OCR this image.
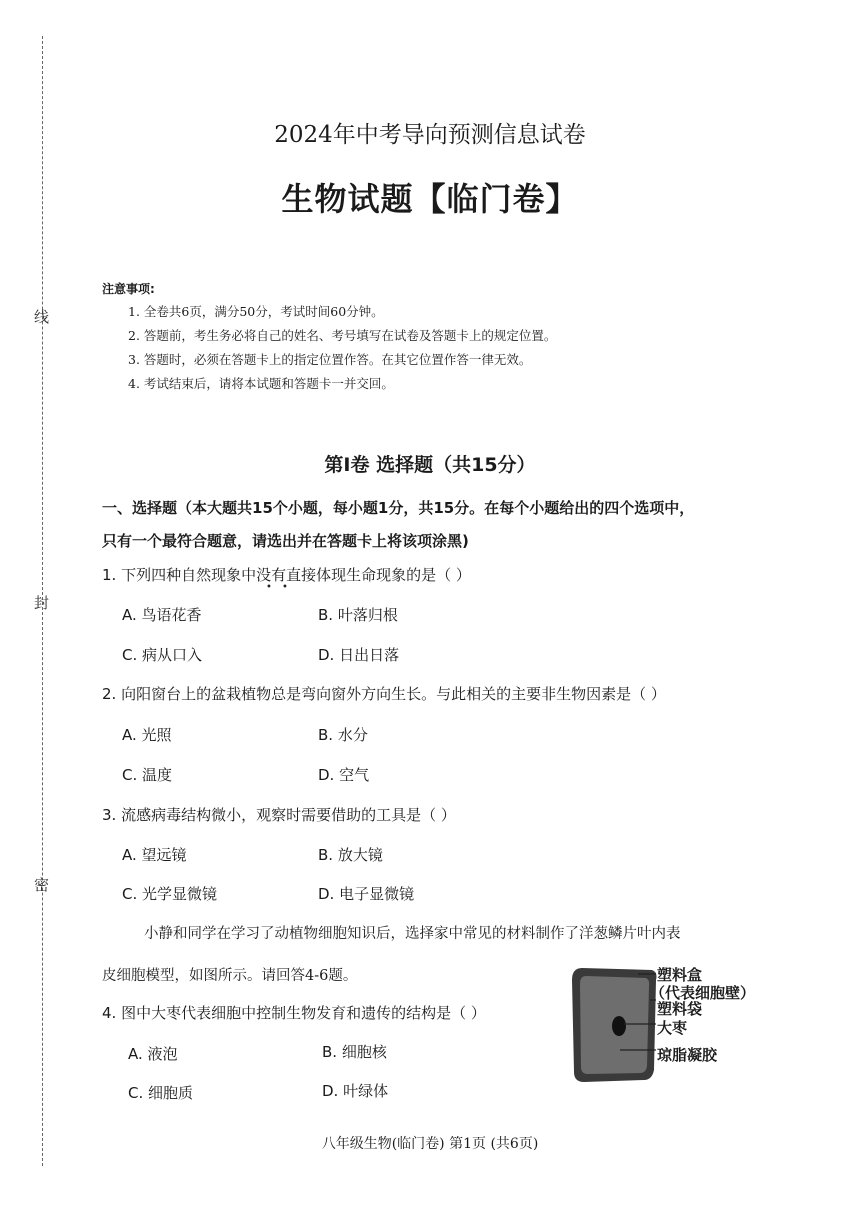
线
封
密
2024年中考导向预测信息试卷
生物试题【临门卷】
注意事项:
1. 全卷共6页，满分50分，考试时间60分钟。
2. 答题前，考生务必将自己的姓名、考号填写在试卷及答题卡上的规定位置。
3. 答题时，必须在答题卡上的指定位置作答。在其它位置作答一律无效。
4. 考试结束后，请将本试题和答题卡一并交回。
第I卷 选择题（共15分）
一、选择题（本大题共15个小题，每小题1分，共15分。在每个小题给出的四个选项中，
只有一个最符合题意，请选出并在答题卡上将该项涂黑)
1. 下列四种自然现象中没有直接体现生命现象的是（ ）
• •
A. 鸟语花香	B. 叶落归根
C. 病从口入	D. 日出日落
2. 向阳窗台上的盆栽植物总是弯向窗外方向生长。与此相关的主要非生物因素是（ ）
A. 光照	B. 水分
C. 温度	D. 空气
3. 流感病毒结构微小，观察时需要借助的工具是（ ）
A. 望远镜	B. 放大镜
C. 光学显微镜	D. 电子显微镜
小静和同学在学习了动植物细胞知识后，选择家中常见的材料制作了洋葱鳞片叶内表
皮细胞模型，如图所示。请回答4-6题。
4. 图中大枣代表细胞中控制生物发育和遗传的结构是（ ）
A. 液泡	B. 细胞核
C. 细胞质	D. 叶绿体
塑料盒
（代表细胞壁）
塑料袋
大枣
琼脂凝胶
八年级生物(临门卷) 第1页 (共6页)
